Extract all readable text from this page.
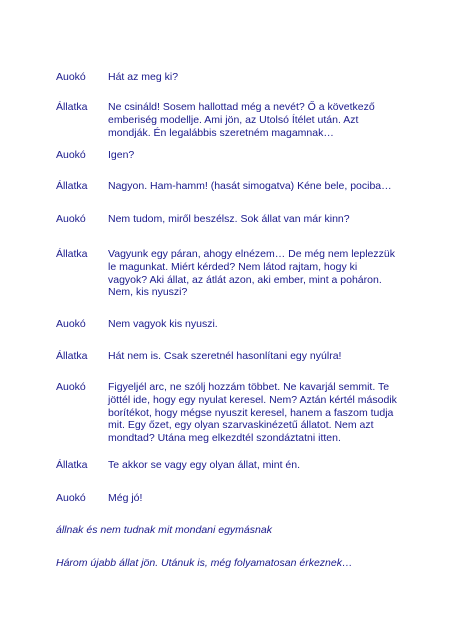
Auokó	Hát az meg ki?
Állatka	Ne csináld! Sosem hallottad még a nevét? Ő a következő emberiség modellje. Ami jön, az Utolsó Ítélet után. Azt mondják. Én legalábbis szeretném magamnak…
Auokó	Igen?
Állatka	Nagyon. Ham-hamm! (hasát simogatva) Kéne bele, pociba…
Auokó	Nem tudom, miről beszélsz. Sok állat van már kinn?
Állatka	Vagyunk egy páran, ahogy elnézem… De még nem leplezzük le magunkat. Miért kérded? Nem látod rajtam, hogy ki vagyok? Aki állat, az átlát azon, aki ember, mint a poháron. Nem, kis nyuszi?
Auokó	Nem vagyok kis nyuszi.
Állatka	Hát nem is. Csak szeretnél hasonlítani egy nyúlra!
Auokó	Figyeljél arc, ne szólj hozzám többet. Ne kavarjál semmit. Te jöttél ide, hogy egy nyulat keresel. Nem? Aztán kértél második borítékot, hogy mégse nyuszit keresel, hanem a faszom tudja mit. Egy őzet, egy olyan szarvaskinézetű állatot. Nem azt mondtad? Utána meg elkezdtél szondáztatni itten.
Állatka	Te akkor se vagy egy olyan állat, mint én.
Auokó	Még jó!
állnak és nem tudnak mit mondani egymásnak
Három újabb állat jön. Utánuk is, még folyamatosan érkeznek…
